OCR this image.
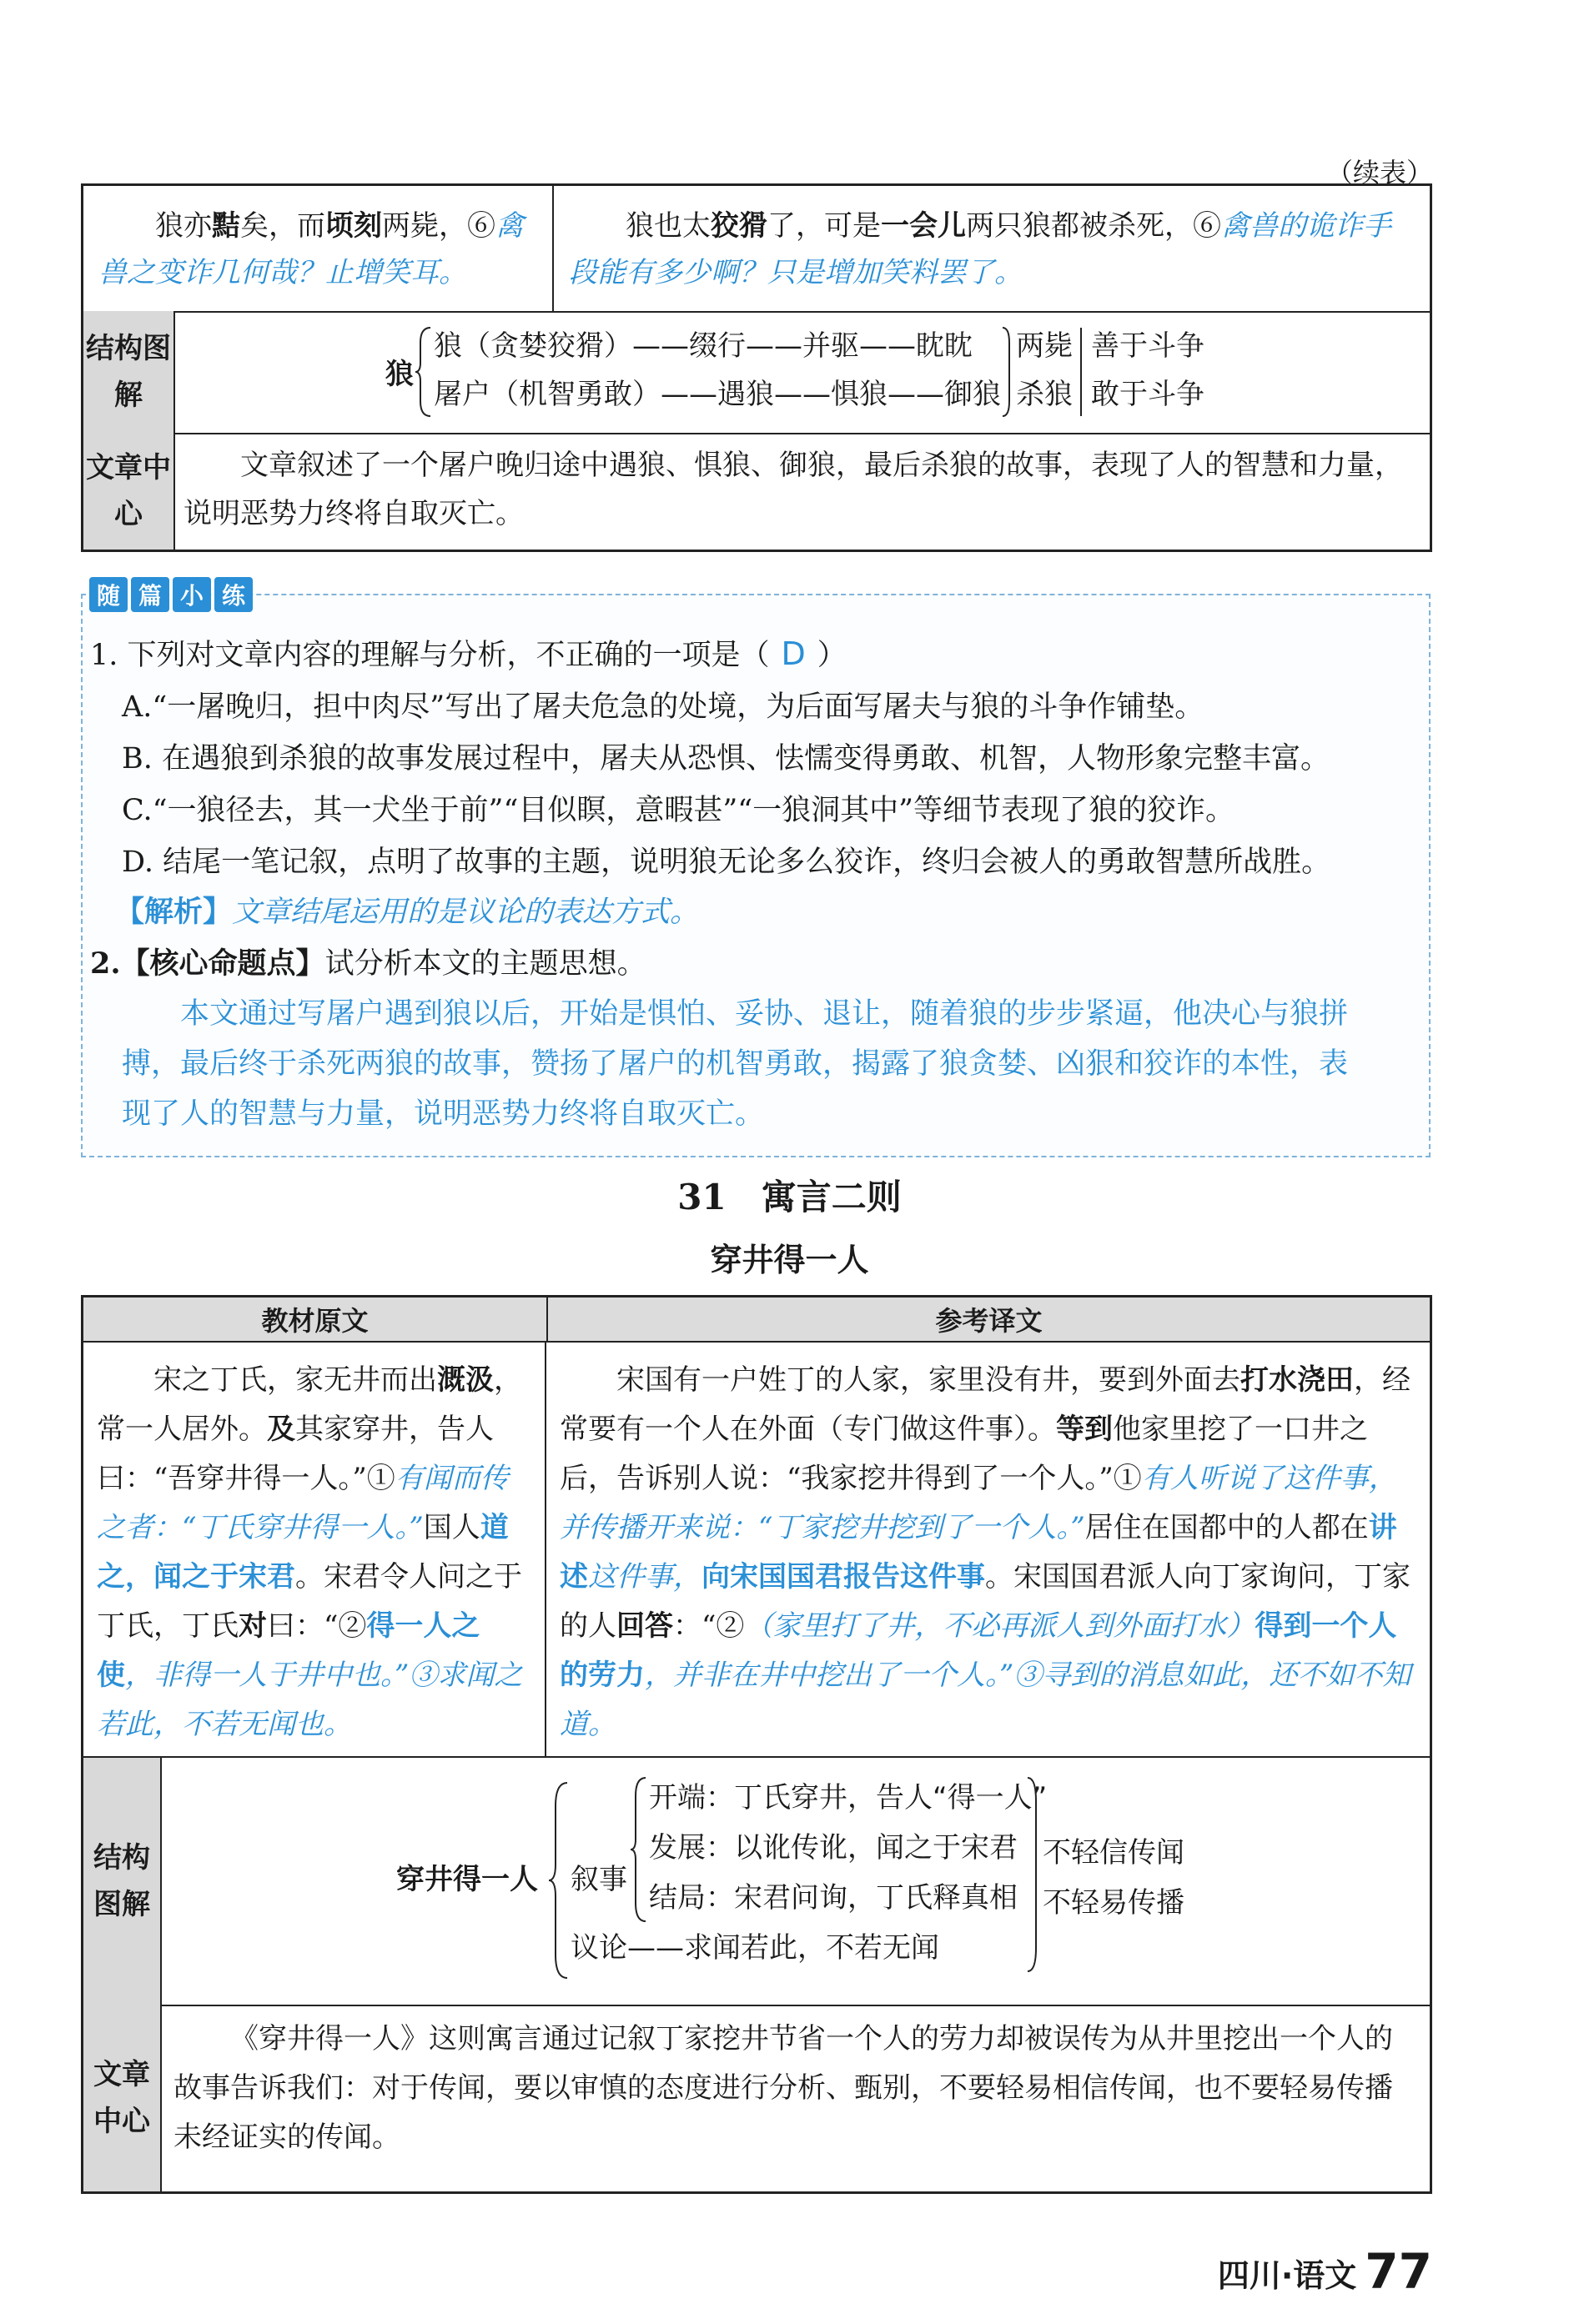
（续表）
狼亦黠矣，而顷刻两毙，⑥禽兽之变诈几何哉？止增笑耳。
狼也太狡猾了，可是一会儿两只狼都被杀死，⑥禽兽的诡诈手段能有多少啊？只是增加笑料罢了。
结构图解
狼
狼（贪婪狡猾）——缀行——并驱——眈眈
屠户（机智勇敢）——遇狼——惧狼——御狼
两毙
杀狼
善于斗争
敢于斗争
文章中心
文章叙述了一个屠户晚归途中遇狼、惧狼、御狼，最后杀狼的故事，表现了人的智慧和力量，说明恶势力终将自取灭亡。
随 篇 小 练
1. 下列对文章内容的理解与分析，不正确的一项是（ D ）
A.“一屠晚归，担中肉尽”写出了屠夫危急的处境，为后面写屠夫与狼的斗争作铺垫。
B. 在遇狼到杀狼的故事发展过程中，屠夫从恐惧、怯懦变得勇敢、机智，人物形象完整丰富。
C.“一狼径去，其一犬坐于前”“目似瞑，意暇甚”“一狼洞其中”等细节表现了狼的狡诈。
D. 结尾一笔记叙，点明了故事的主题，说明狼无论多么狡诈，终归会被人的勇敢智慧所战胜。
【解析】文章结尾运用的是议论的表达方式。
2.【核心命题点】试分析本文的主题思想。
本文通过写屠户遇到狼以后，开始是惧怕、妥协、退让，随着狼的步步紧逼，他决心与狼拼
搏，最后终于杀死两狼的故事，赞扬了屠户的机智勇敢，揭露了狼贪婪、凶狠和狡诈的本性，表
现了人的智慧与力量，说明恶势力终将自取灭亡。
31　寓言二则
穿井得一人
教材原文	参考译文
宋之丁氏，家无井而出溉汲，常一人居外。及其家穿井，告人曰：“吾穿井得一人。”①有闻而传之者：“丁氏穿井得一人。”国人道之，闻之于宋君。宋君令人问之于丁氏，丁氏对曰：“②得一人之使，非得一人于井中也。”③求闻之若此，不若无闻也。
宋国有一户姓丁的人家，家里没有井，要到外面去打水浇田，经常要有一个人在外面（专门做这件事）。等到他家里挖了一口井之后，告诉别人说：“我家挖井得到了一个人。”①有人听说了这件事，并传播开来说：“丁家挖井挖到了一个人。”居住在国都中的人都在讲述这件事，向宋国国君报告这件事。宋国国君派人向丁家询问，丁家的人回答：“②（家里打了井，不必再派人到外面打水）得到一个人的劳力，并非在井中挖出了一个人。”③寻到的消息如此，还不如不知道。
结构图解
穿井得一人 叙事
开端：丁氏穿井，告人“得一人”
发展：以讹传讹，闻之于宋君
结局：宋君问询，丁氏释真相
议论——求闻若此，不若无闻
不轻信传闻
不轻易传播
文章中心
《穿井得一人》这则寓言通过记叙丁家挖井节省一个人的劳力却被误传为从井里挖出一个人的故事告诉我们：对于传闻，要以审慎的态度进行分析、甄别，不要轻易相信传闻，也不要轻易传播未经证实的传闻。
四川·语文 77
